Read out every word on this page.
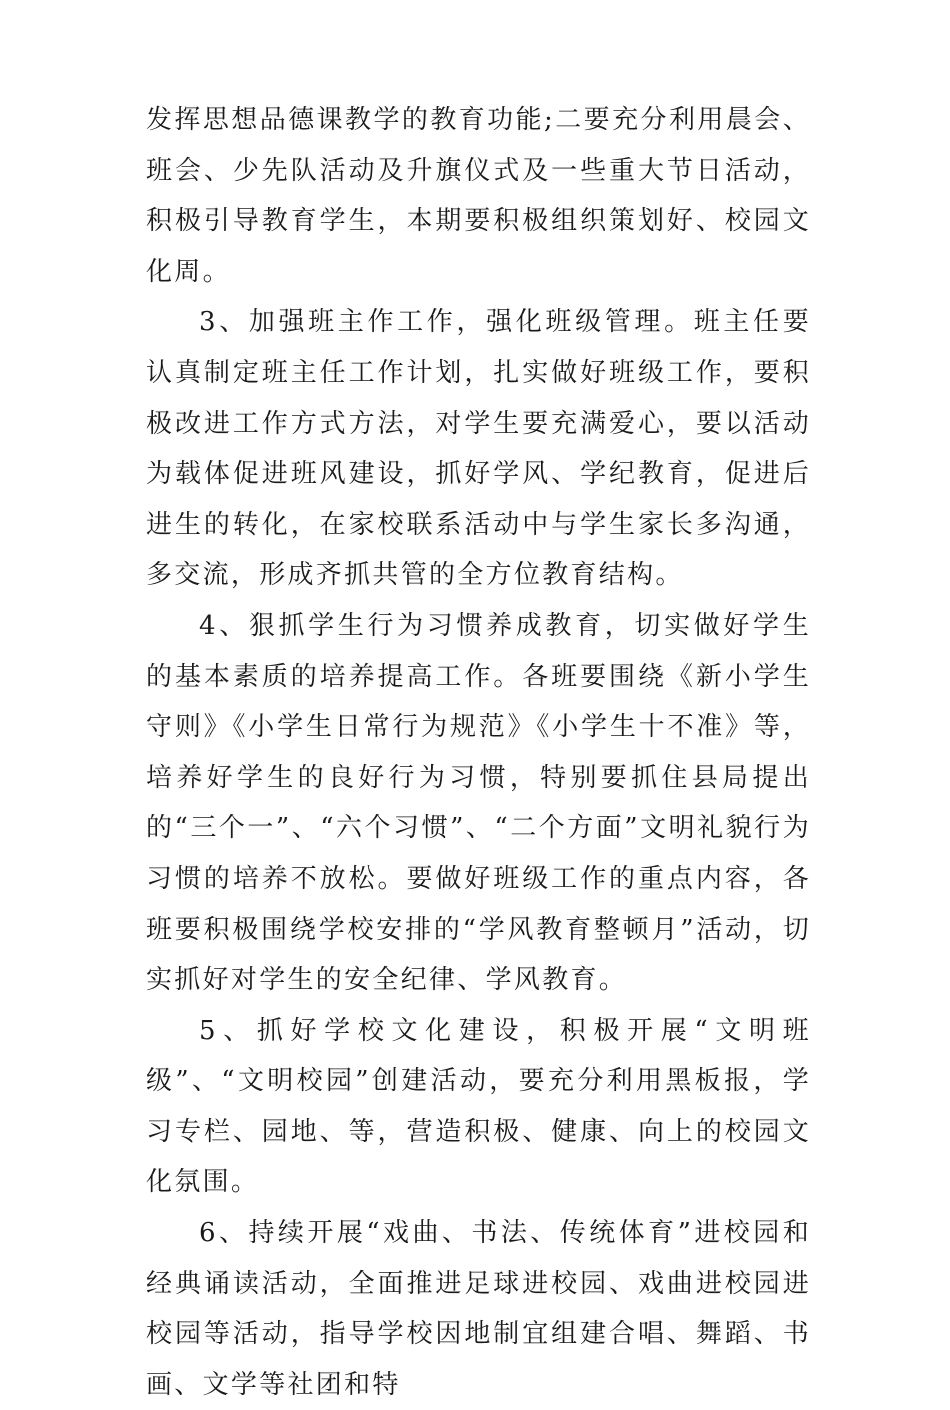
发挥思想品德课教学的教育功能;二要充分利用晨会、班会、少先队活动及升旗仪式及一些重大节日活动，积极引导教育学生，本期要积极组织策划好、校园文化周。

3、加强班主作工作，强化班级管理。班主任要认真制定班主任工作计划，扎实做好班级工作，要积极改进工作方式方法，对学生要充满爱心，要以活动为载体促进班风建设，抓好学风、学纪教育，促进后进生的转化，在家校联系活动中与学生家长多沟通，多交流，形成齐抓共管的全方位教育结构。

4、狠抓学生行为习惯养成教育，切实做好学生的基本素质的培养提高工作。各班要围绕《新小学生守则》《小学生日常行为规范》《小学生十不准》等，培养好学生的良好行为习惯，特别要抓住县局提出的“三个一”、“六个习惯”、“二个方面”文明礼貌行为习惯的培养不放松。要做好班级工作的重点内容，各班要积极围绕学校安排的“学风教育整顿月”活动，切实抓好对学生的安全纪律、学风教育。

5、抓好学校文化建设，积极开展“文明班级”、“文明校园”创建活动，要充分利用黑板报，学习专栏、园地、等，营造积极、健康、向上的校园文化氛围。

6、持续开展“戏曲、书法、传统体育”进校园和经典诵读活动，全面推进足球进校园、戏曲进校园进校园等活动，指导学校因地制宜组建合唱、舞蹈、书画、文学等社团和特
